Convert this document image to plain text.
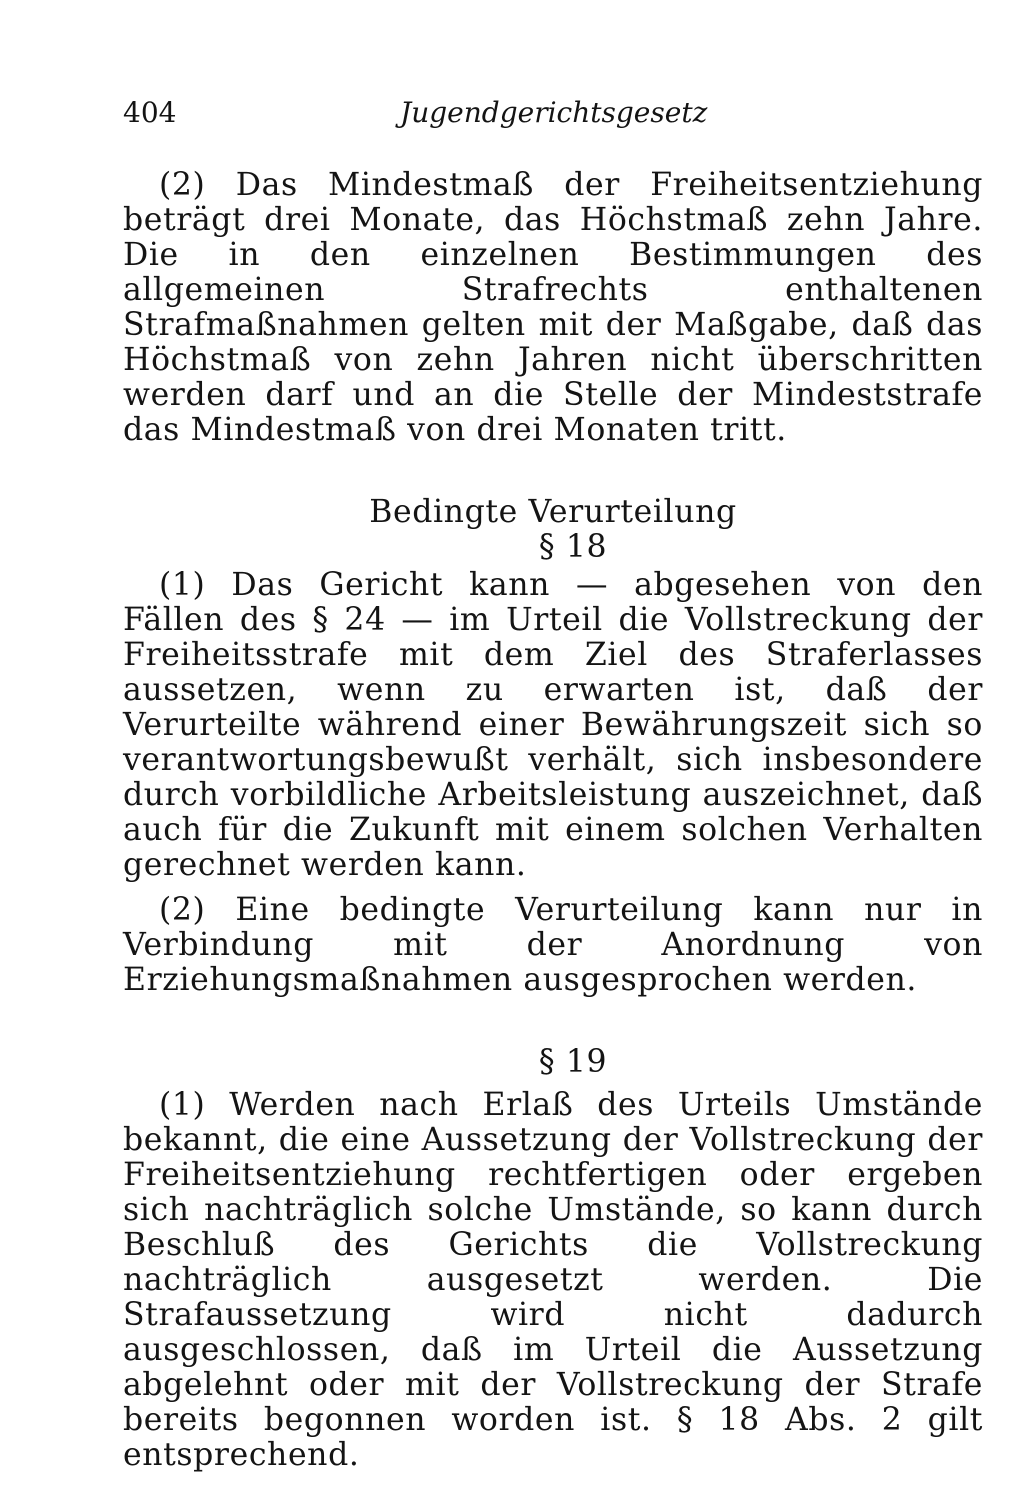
404	Jugendgerichtsgesetz

(2) Das Mindestmaß der Freiheitsentziehung beträgt drei Monate, das Höchstmaß zehn Jahre. Die in den einzelnen Bestimmungen des allgemeinen Strafrechts enthaltenen Strafmaßnahmen gelten mit der Maßgabe, daß das Höchstmaß von zehn Jahren nicht überschritten werden darf und an die Stelle der Mindeststrafe das Mindestmaß von drei Monaten tritt.

Bedingte Verurteilung

§ 18

(1) Das Gericht kann — abgesehen von den Fällen des § 24 — im Urteil die Vollstreckung der Freiheitsstrafe mit dem Ziel des Straferlasses aussetzen, wenn zu erwarten ist, daß der Verurteilte während einer Bewährungszeit sich so verantwortungsbewußt verhält, sich insbesondere durch vorbildliche Arbeitsleistung auszeichnet, daß auch für die Zukunft mit einem solchen Verhalten gerechnet werden kann.

(2) Eine bedingte Verurteilung kann nur in Verbindung mit der Anordnung von Erziehungsmaßnahmen ausgesprochen werden.

§ 19

(1) Werden nach Erlaß des Urteils Umstände bekannt, die eine Aussetzung der Vollstreckung der Freiheitsentziehung rechtfertigen oder ergeben sich nachträglich solche Umstände, so kann durch Beschluß des Gerichts die Vollstreckung nachträglich ausgesetzt werden. Die Strafaussetzung wird nicht dadurch ausgeschlossen, daß im Urteil die Aussetzung abgelehnt oder mit der Vollstreckung der Strafe bereits begonnen worden ist. § 18 Abs. 2 gilt entsprechend.
